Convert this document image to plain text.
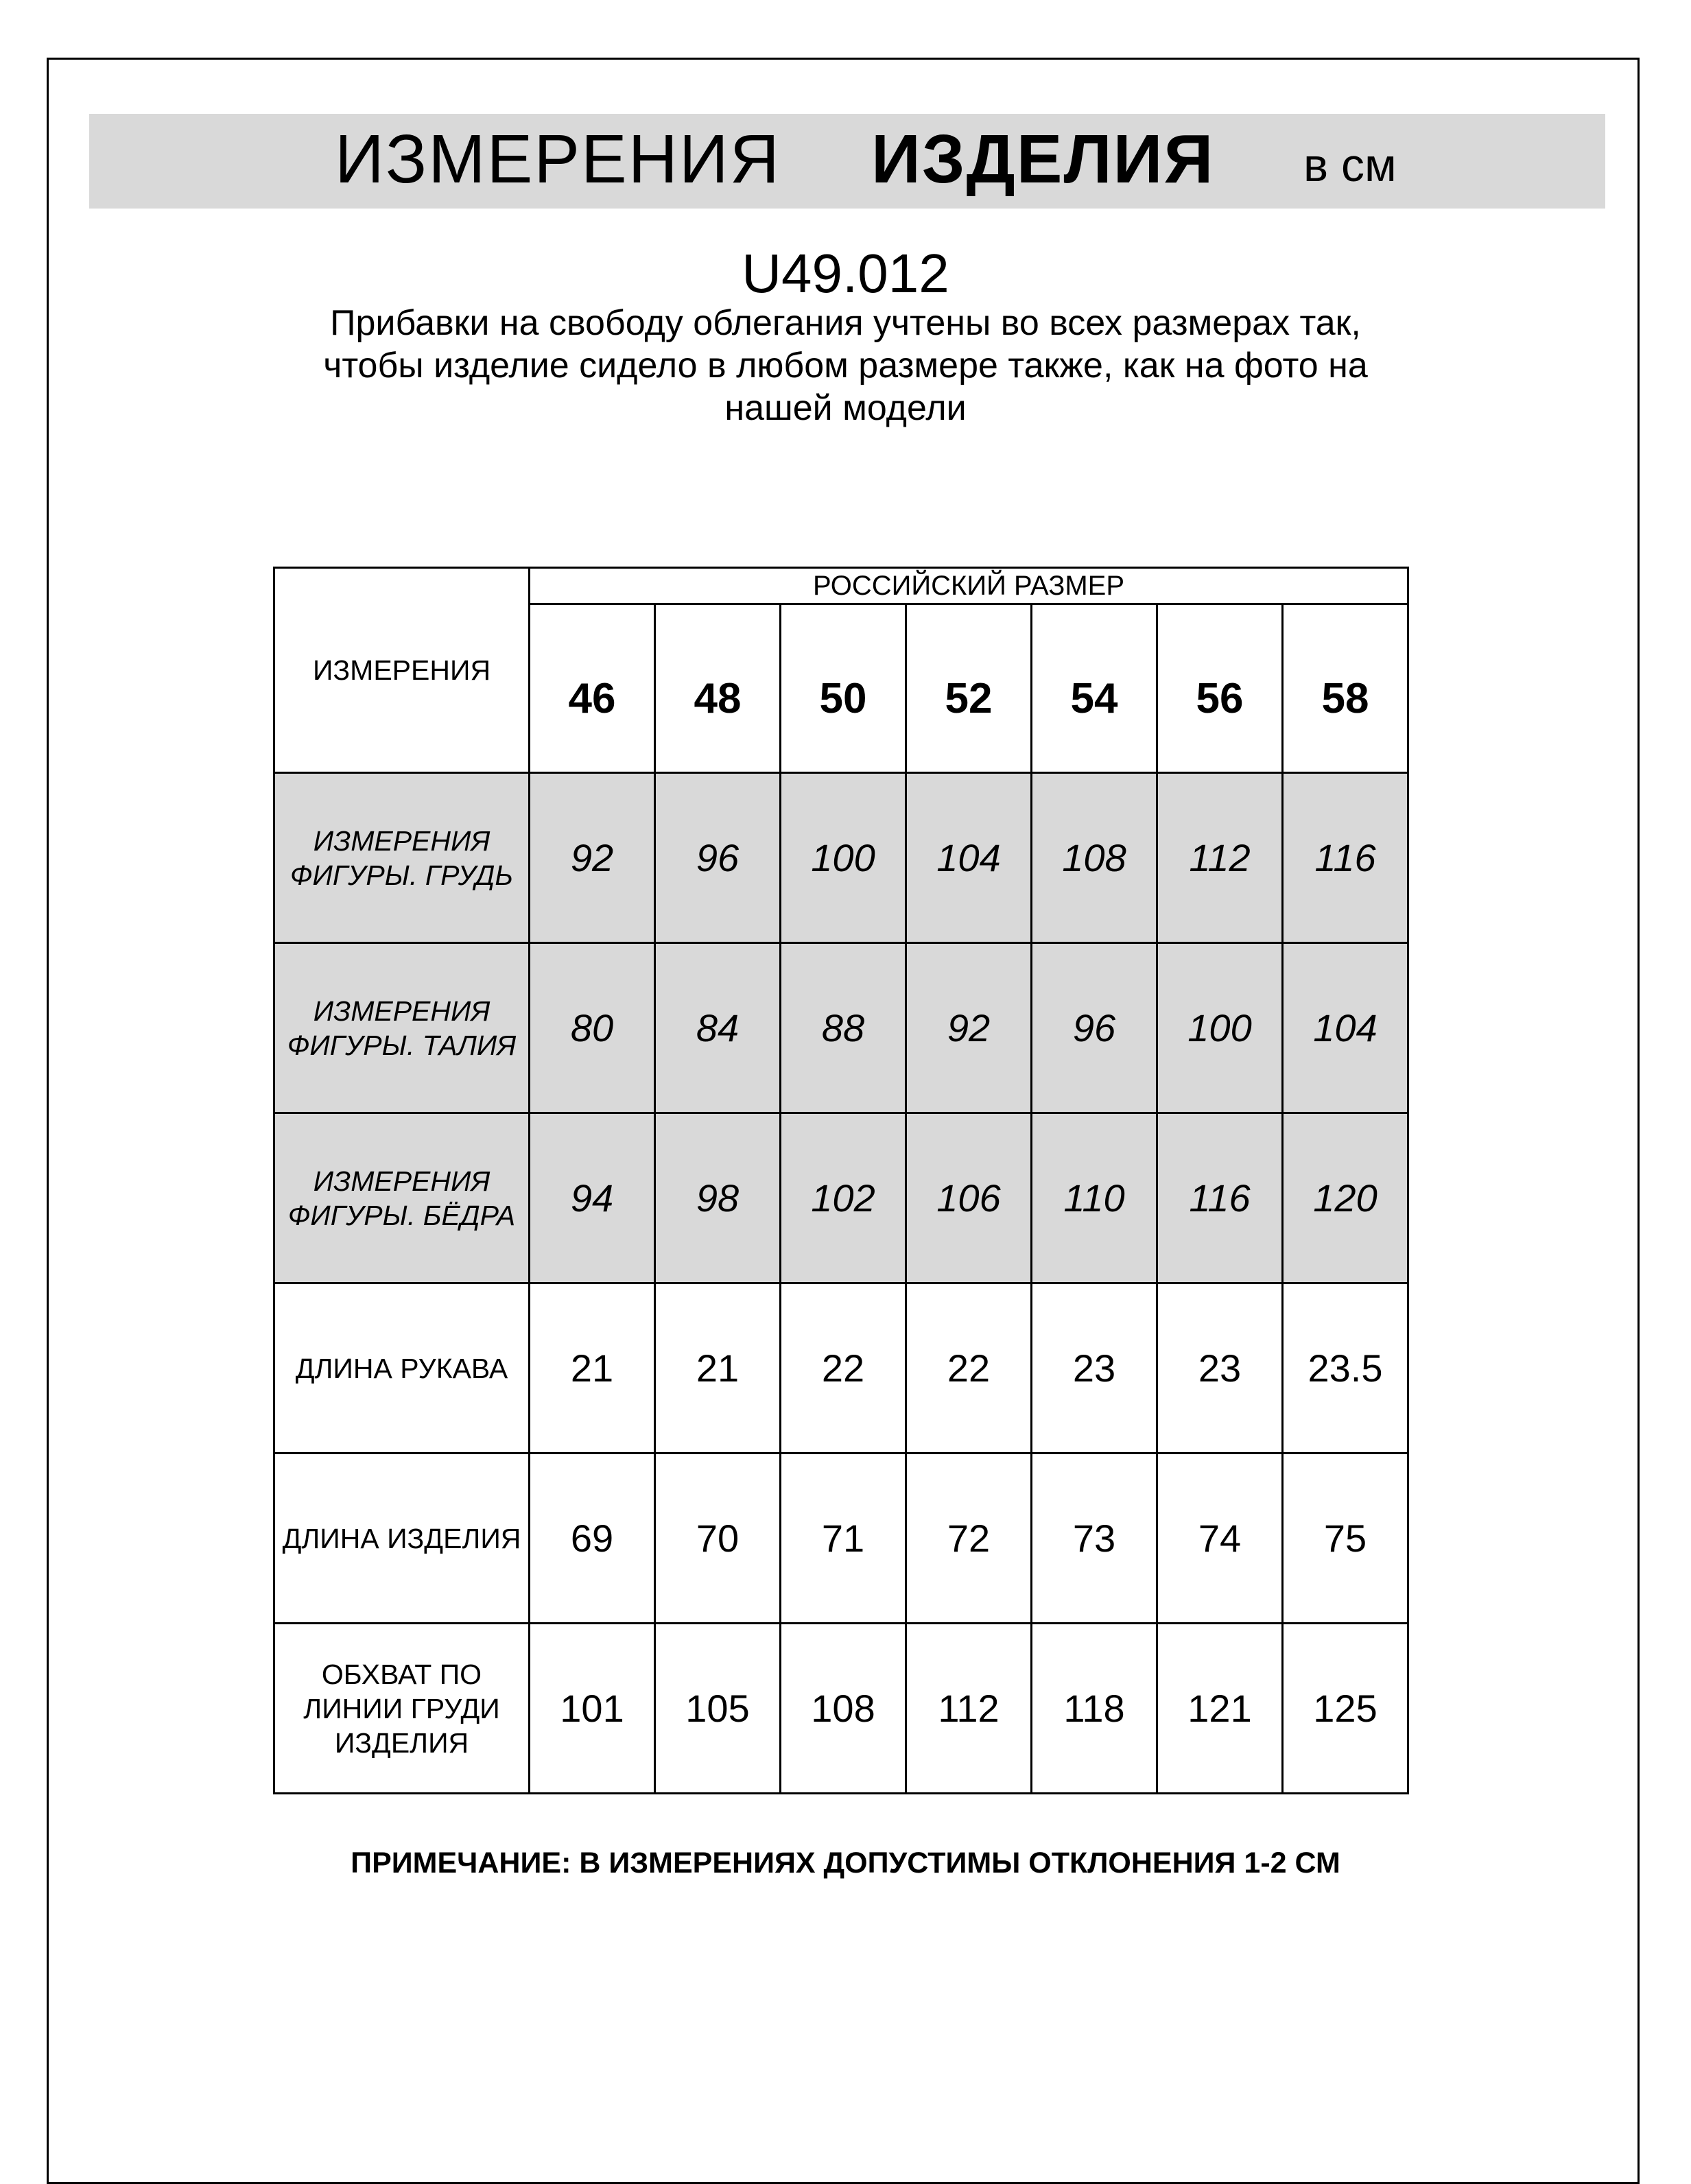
ИЗМЕРЕНИЯ ИЗДЕЛИЯ в см
U49.012
Прибавки на свободу облегания учтены во всех размерах так,
чтобы изделие сидело в любом размере также, как на фото на
нашей модели
ИЗМЕРЕНИЯ	РОССИЙСКИЙ РАЗМЕР						
	46	48	50	52	54	56	58

ИЗМЕРЕНИЯ
ФИГУРЫ. ГРУДЬ	92	96	100	104	108	112	116

ИЗМЕРЕНИЯ
ФИГУРЫ. ТАЛИЯ	80	84	88	92	96	100	104

ИЗМЕРЕНИЯ
ФИГУРЫ. БЁДРА	94	98	102	106	110	116	120

ДЛИНА РУКАВА	21	21	22	22	23	23	23.5

ДЛИНА ИЗДЕЛИЯ	69	70	71	72	73	74	75

ОБХВАТ ПО
ЛИНИИ ГРУДИ
ИЗДЕЛИЯ	101	105	108	112	118	121	125
ПРИМЕЧАНИЕ: В ИЗМЕРЕНИЯХ ДОПУСТИМЫ ОТКЛОНЕНИЯ 1-2 СМ
